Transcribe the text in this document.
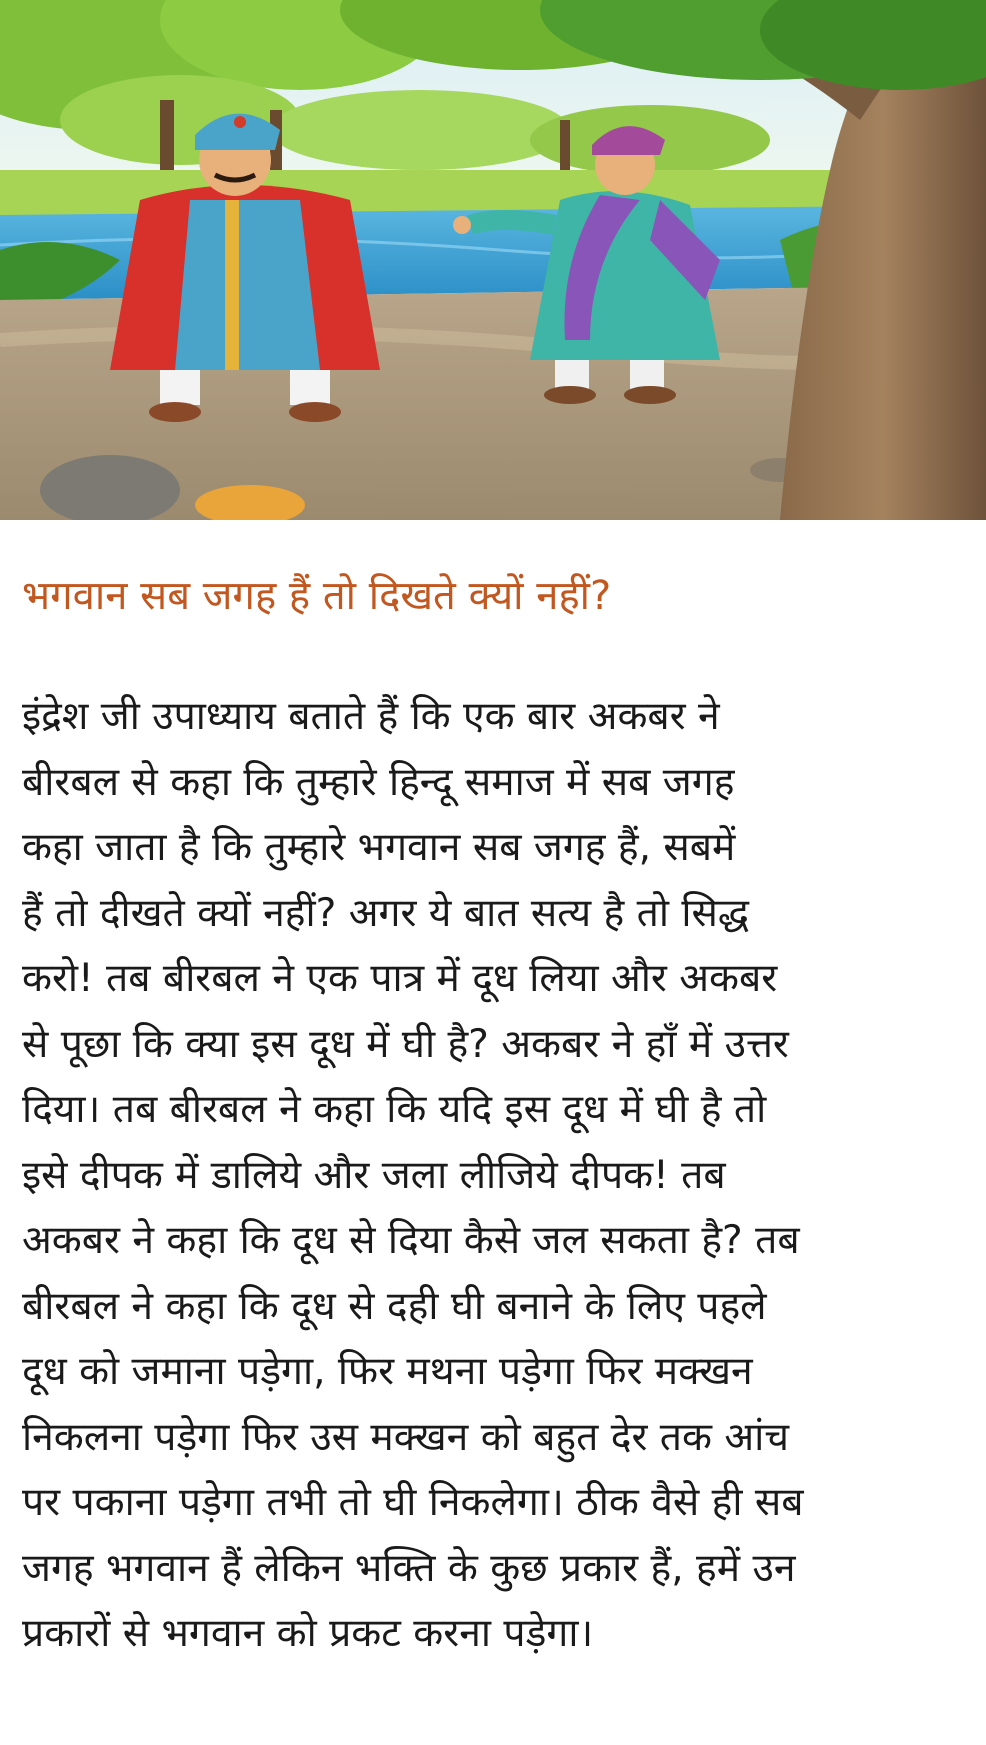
भगवान सब जगह हैं तो दिखते क्यों नहीं?
इंद्रेश जी उपाध्याय बताते हैं कि एक बार अकबर ने
बीरबल से कहा कि तुम्हारे हिन्दू समाज में सब जगह
कहा जाता है कि तुम्हारे भगवान सब जगह हैं, सबमें
हैं तो दीखते क्यों नहीं? अगर ये बात सत्य है तो सिद्ध
करो! तब बीरबल ने एक पात्र में दूध लिया और अकबर
से पूछा कि क्या इस दूध में घी है? अकबर ने हाँ में उत्तर
दिया। तब बीरबल ने कहा कि यदि इस दूध में घी है तो
इसे दीपक में डालिये और जला लीजिये दीपक! तब
अकबर ने कहा कि दूध से दिया कैसे जल सकता है? तब
बीरबल ने कहा कि दूध से दही घी बनाने के लिए पहले
दूध को जमाना पड़ेगा, फिर मथना पड़ेगा फिर मक्खन
निकलना पड़ेगा फिर उस मक्खन को बहुत देर तक आंच
पर पकाना पड़ेगा तभी तो घी निकलेगा। ठीक वैसे ही सब
जगह भगवान हैं लेकिन भक्ति के कुछ प्रकार हैं, हमें उन
प्रकारों से भगवान को प्रकट करना पड़ेगा।
